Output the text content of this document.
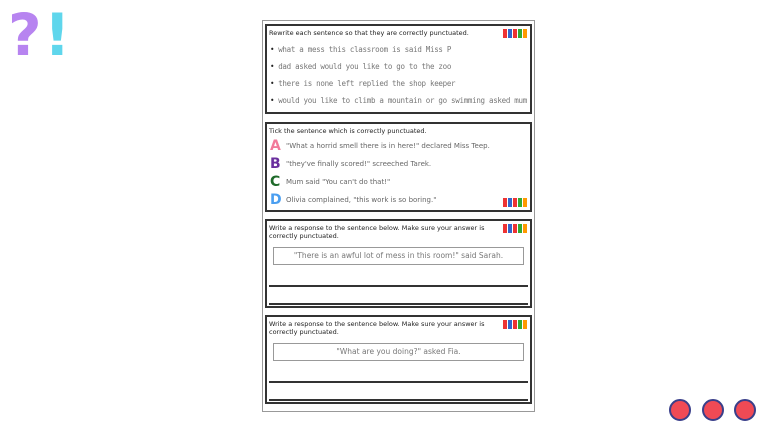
? !	Rewrite each sentence so that they are correctly punctuated.
• what a mess this classroom is said Miss P
• dad asked would you like to go to the zoo
• there is none left replied the shop keeper
• would you like to climb a mountain or go swimming asked mum
Tick the sentence which is correctly punctuated.
A "What a horrid smell there is in here!" declared Miss Teep.
B "they've finally scored!" screeched Tarek.
C Mum said "You can't do that!"
D Olivia complained, "this work is so boring."
Write a response to the sentence below. Make sure your answer is correctly punctuated.
"There is an awful lot of mess in this room!" said Sarah.
Write a response to the sentence below. Make sure your answer is correctly punctuated.
"What are you doing?" asked Fia.
